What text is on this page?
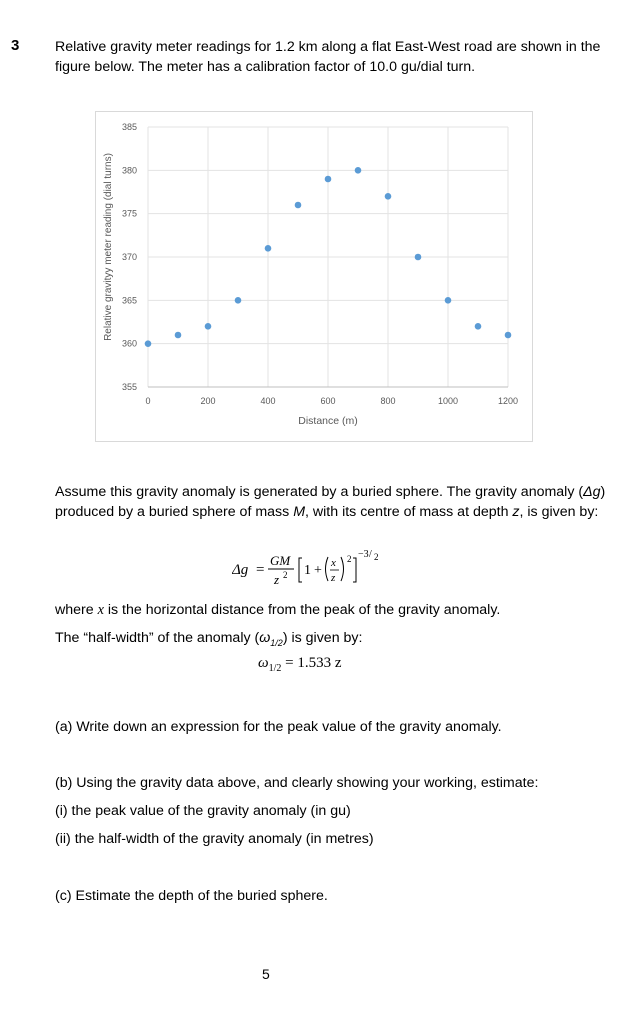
3	Relative gravity meter readings for 1.2 km along a flat East-West road are shown in the figure below. The meter has a calibration factor of 10.0 gu/dial turn.
0	200	400	600	800	1000	1200
355
360
365
370
375
380
385
Distance (m)
Relative gravityy meter reading (dial turns)
Assume this gravity anomaly is generated by a buried sphere. The gravity anomaly (Δg) produced by a buried sphere of mass M, with its centre of mass at depth z, is given by:
Δg =
GM
z 2 1 + x
z
2 −3 / 2
where x is the horizontal distance from the peak of the gravity anomaly.
The “half-width” of the anomaly $(\omega_{1/2})$ is given by:
$\omega_{1/2} = 1.533$ z
(a) Write down an expression for the peak value of the gravity anomaly.
(b) Using the gravity data above, and clearly showing your working, estimate:
(i) the peak value of the gravity anomaly (in gu)
(ii) the half-width of the gravity anomaly (in metres)
(c) Estimate the depth of the buried sphere.
5
